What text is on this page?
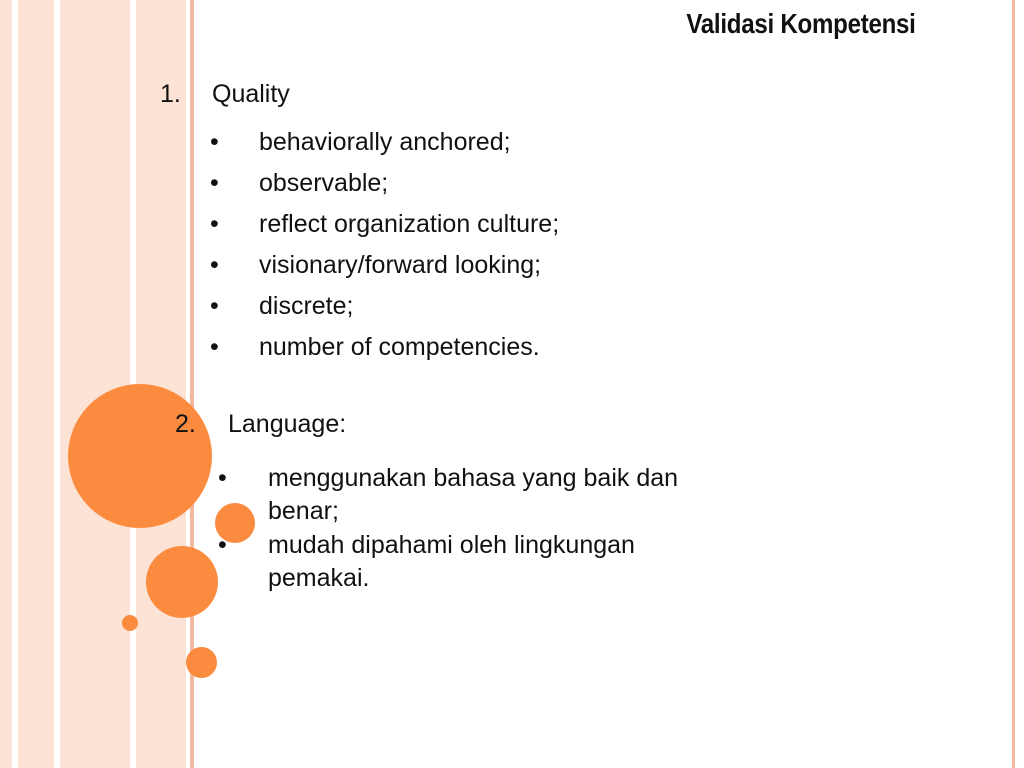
Validasi Kompetensi
1. Quality
• behaviorally anchored;
• observable;
• reflect organization culture;
• visionary/forward looking;
• discrete;
• number of competencies.
2. Language:
• menggunakan bahasa yang baik dan benar;
• mudah dipahami oleh lingkungan pemakai.
